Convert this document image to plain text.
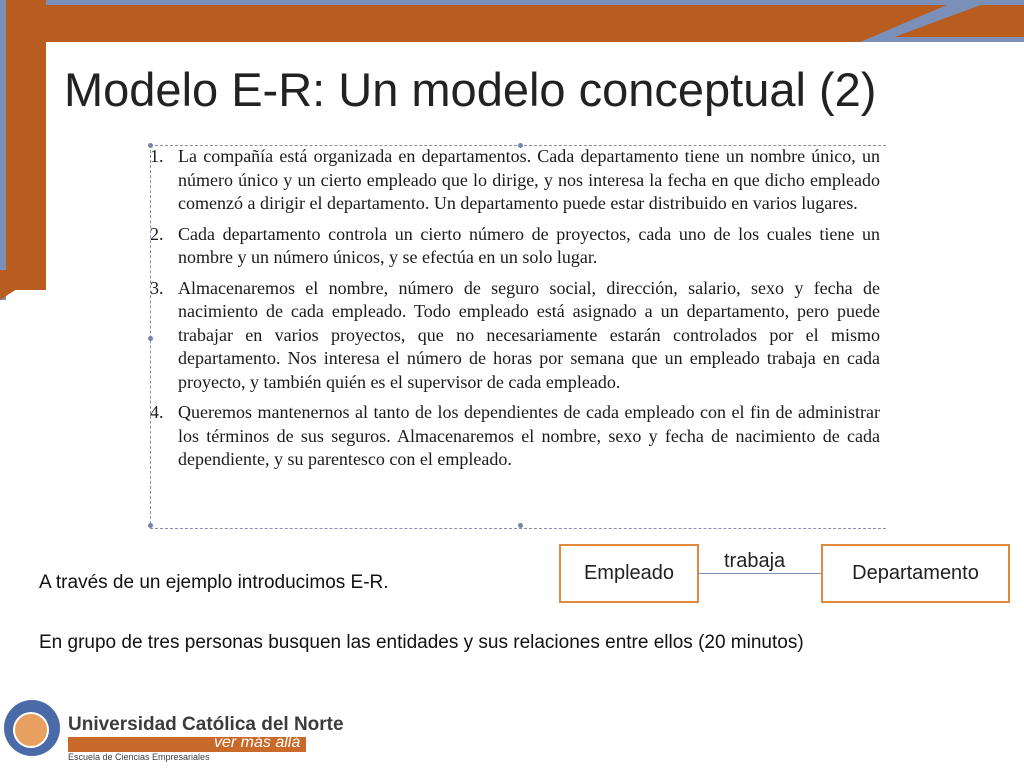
Modelo E-R: Un modelo conceptual (2)
1. La compañía está organizada en departamentos. Cada departamento tiene un nombre único, un número único y un cierto empleado que lo dirige, y nos interesa la fecha en que dicho empleado comenzó a dirigir el departamento. Un departamento puede estar distribuido en varios lugares.
2. Cada departamento controla un cierto número de proyectos, cada uno de los cuales tiene un nombre y un número únicos, y se efectúa en un solo lugar.
3. Almacenaremos el nombre, número de seguro social, dirección, salario, sexo y fecha de nacimiento de cada empleado. Todo empleado está asignado a un departamento, pero puede trabajar en varios proyectos, que no necesariamente estarán controlados por el mismo departamento. Nos interesa el número de horas por semana que un empleado trabaja en cada proyecto, y también quién es el supervisor de cada empleado.
4. Queremos mantenernos al tanto de los dependientes de cada empleado con el fin de administrar los términos de sus seguros. Almacenaremos el nombre, sexo y fecha de nacimiento de cada dependiente, y su parentesco con el empleado.
Empleado
trabaja
Departamento
A través de un ejemplo introducimos E-R.
En grupo de tres personas busquen las entidades y sus relaciones entre ellos (20 minutos)
Universidad Católica del Norte
ver más allá
Escuela de Ciencias Empresariales
